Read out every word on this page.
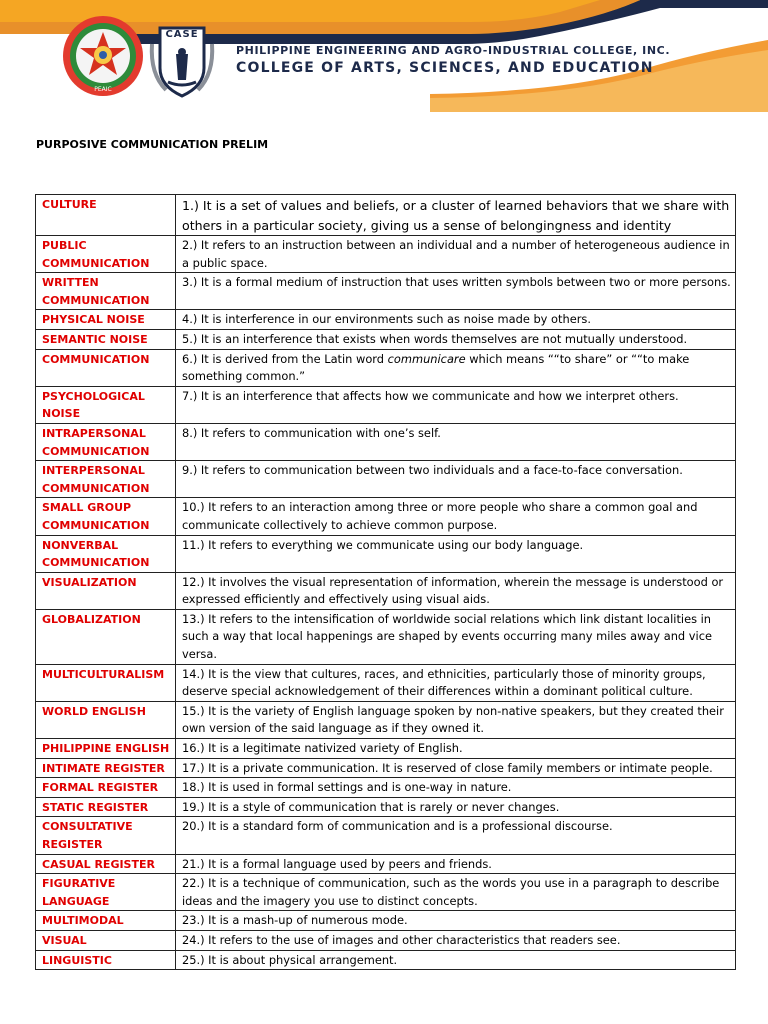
PEAIC
CASE
PHILIPPINE ENGINEERING AND AGRO-INDUSTRIAL COLLEGE, INC.
COLLEGE OF ARTS, SCIENCES, AND EDUCATION
PURPOSIVE COMMUNICATION PRELIM
CULTURE	1.) It is a set of values and beliefs, or a cluster of learned behaviors that we share with others in a particular society, giving us a sense of belongingness and identity
PUBLIC COMMUNICATION	2.) It refers to an instruction between an individual and a number of heterogeneous audience in a public space.
WRITTEN COMMUNICATION	3.) It is a formal medium of instruction that uses written symbols between two or more persons.
PHYSICAL NOISE	4.) It is interference in our environments such as noise made by others.
SEMANTIC NOISE	5.) It is an interference that exists when words themselves are not mutually understood.
COMMUNICATION	6.) It is derived from the Latin word communicare which means ““to share” or ““to make something common.”
PSYCHOLOGICAL NOISE	7.) It is an interference that affects how we communicate and how we interpret others.
INTRAPERSONAL COMMUNICATION	8.) It refers to communication with one’s self.
INTERPERSONAL COMMUNICATION	9.) It refers to communication between two individuals and a face-to-face conversation.
SMALL GROUP COMMUNICATION	10.) It refers to an interaction among three or more people who share a common goal and communicate collectively to achieve common purpose.
NONVERBAL COMMUNICATION	11.) It refers to everything we communicate using our body language.
VISUALIZATION	12.) It involves the visual representation of information, wherein the message is understood or expressed efficiently and effectively using visual aids.
GLOBALIZATION	13.) It refers to the intensification of worldwide social relations which link distant localities in such a way that local happenings are shaped by events occurring many miles away and vice versa.
MULTICULTURALISM	14.) It is the view that cultures, races, and ethnicities, particularly those of minority groups, deserve special acknowledgement of their differences within a dominant political culture.
WORLD ENGLISH	15.) It is the variety of English language spoken by non-native speakers, but they created their own version of the said language as if they owned it.
PHILIPPINE ENGLISH	16.) It is a legitimate nativized variety of English.
INTIMATE REGISTER	17.) It is a private communication. It is reserved of close family members or intimate people.
FORMAL REGISTER	18.) It is used in formal settings and is one-way in nature.
STATIC REGISTER	19.) It is a style of communication that is rarely or never changes.
CONSULTATIVE REGISTER	20.) It is a standard form of communication and is a professional discourse.
CASUAL REGISTER	21.) It is a formal language used by peers and friends.
FIGURATIVE LANGUAGE	22.) It is a technique of communication, such as the words you use in a paragraph to describe ideas and the imagery you use to distinct concepts.
MULTIMODAL	23.) It is a mash-up of numerous mode.
VISUAL	24.) It refers to the use of images and other characteristics that readers see.
LINGUISTIC	25.) It is about physical arrangement.
